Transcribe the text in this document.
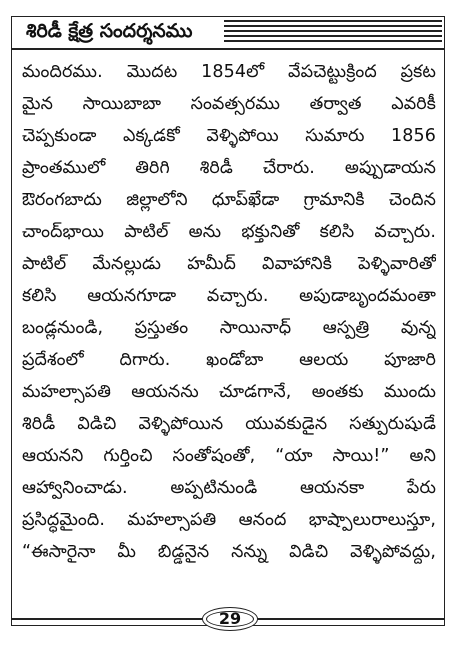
శిరిడీ క్షేత్ర సందర్శనము
మందిరము. మొదట 1854లో వేపచెట్టుక్రింద ప్రకట
మైన సాయిబాబా సంవత్సరము తర్వాత ఎవరికీ
చెప్పకుండా ఎక్కడకో వెళ్ళిపోయి సుమారు 1856
ప్రాంతములో తిరిగి శిరిడీ చేరారు. అప్పుడాయన
ఔరంగబాదు జిల్లాలోని ధూప్‌ఖేడా గ్రామానికి చెందిన
చాంద్‌భాయి పాటిల్ అను భక్తునితో కలిసి వచ్చారు.
పాటిల్ మేనల్లుడు హమీద్ వివాహానికి పెళ్ళివారితో
కలిసి ఆయనగూడా వచ్చారు. అపుడాబృందమంతా
బండ్లనుండి, ప్రస్తుతం సాయినాధ్ ఆస్పత్రి వున్న
ప్రదేశంలో దిగారు. ఖండోబా ఆలయ పూజారి
మహల్సాపతి ఆయనను చూడగానే, అంతకు ముందు
శిరిడీ విడిచి వెళ్ళిపోయిన యువకుడైన సత్పురుషుడే
ఆయనని గుర్తించి సంతోషంతో, “యా సాయి!” అని
ఆహ్వానించాడు. అప్పటినుండి ఆయనకా పేరు
ప్రసిద్ధమైంది. మహల్సాపతి ఆనంద భాష్పాలురాలుస్తూ,
“ఈసారైనా మీ బిడ్డనైన నన్ను విడిచి వెళ్ళిపోవద్దు,
29
